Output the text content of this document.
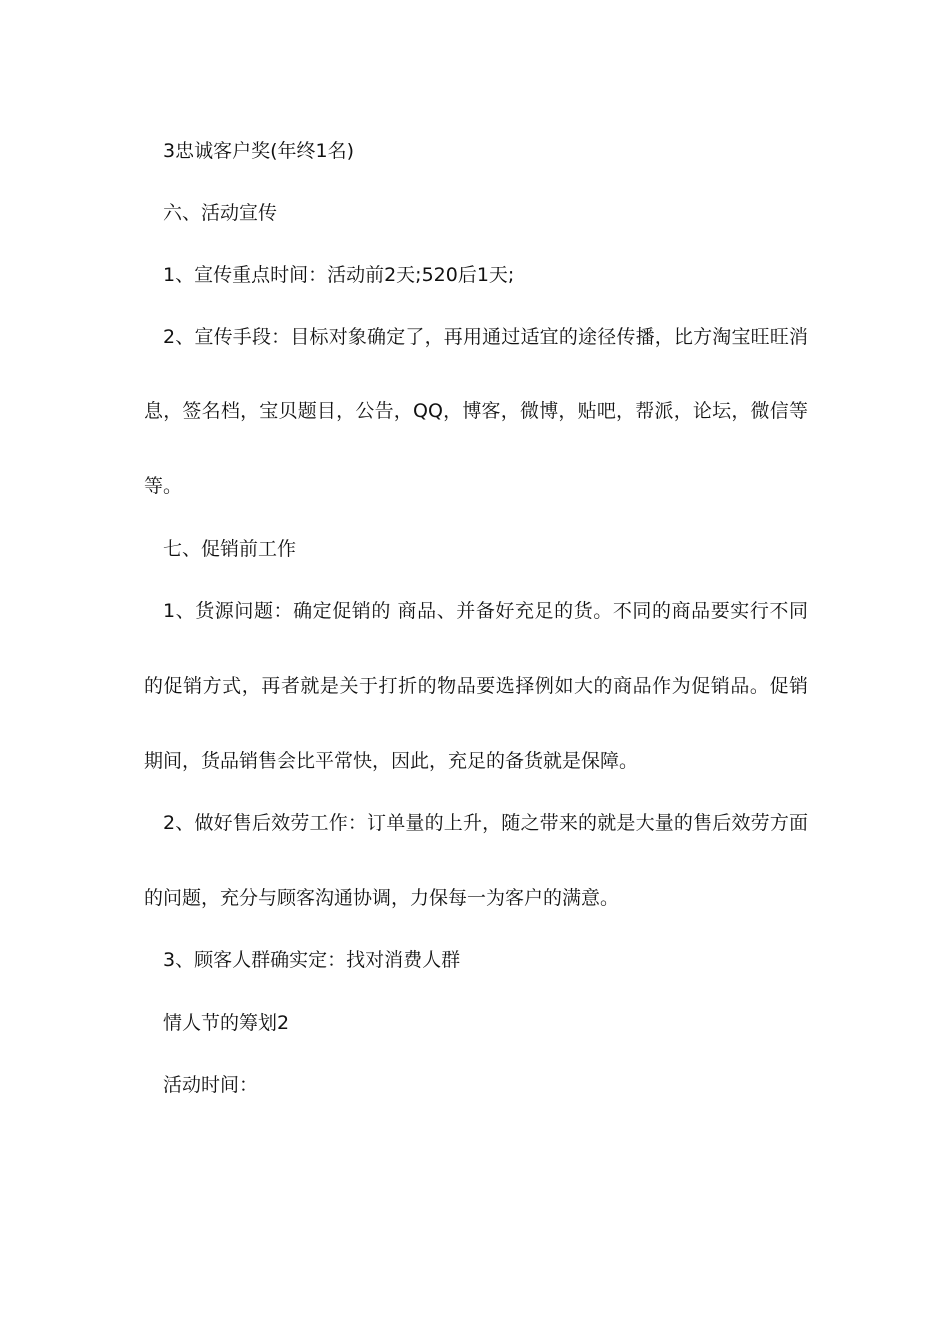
3忠诚客户奖(年终1名)
六、活动宣传
1、宣传重点时间：活动前2天;520后1天;
2、宣传手段：目标对象确定了，再用通过适宜的途径传播，比方淘宝旺旺消
息，签名档，宝贝题目，公告，QQ，博客，微博，贴吧，帮派，论坛，微信等
等。
七、促销前工作
1、货源问题：确定促销的 商品、并备好充足的货。不同的商品要实行不同
的促销方式，再者就是关于打折的物品要选择例如大的商品作为促销品。促销
期间，货品销售会比平常快，因此，充足的备货就是保障。
2、做好售后效劳工作：订单量的上升，随之带来的就是大量的售后效劳方面
的问题，充分与顾客沟通协调，力保每一为客户的满意。
3、顾客人群确实定：找对消费人群
情人节的筹划2
活动时间：
